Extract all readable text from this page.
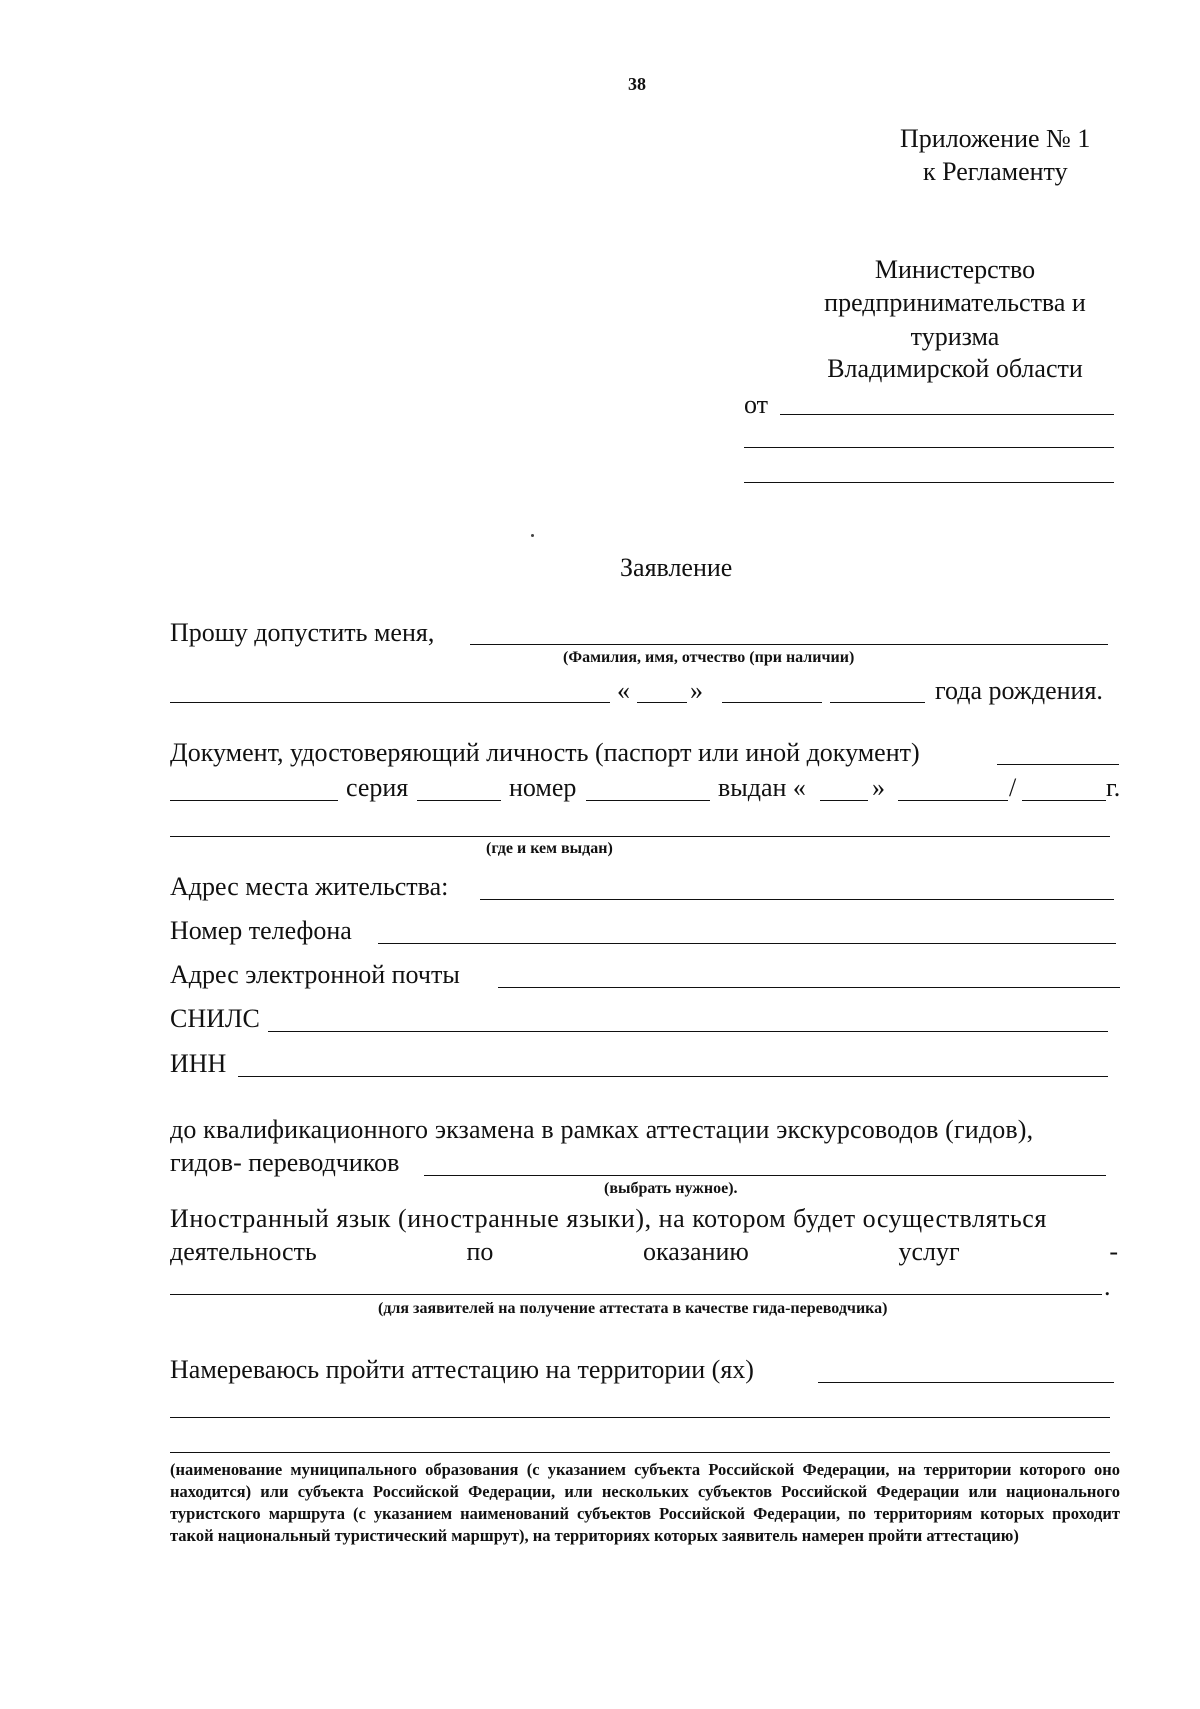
38
Приложение № 1
к Регламенту
Министерство
предпринимательства и
туризма
Владимирской области
от
Заявление
Прошу допустить меня,
(Фамилия, имя, отчество (при наличии)
« »	года рождения.
Документ, удостоверяющий личность (паспорт или иной документ)
серия	номер	выдан «	»	/	г.
(где и кем выдан)
Адрес места жительства:
Номер телефона
Адрес электронной почты
СНИЛС
ИНН
до квалификационного экзамена в рамках аттестации экскурсоводов (гидов),
гидов- переводчиков
(выбрать нужное).
Иностранный язык (иностранные языки), на котором будет осуществляться
деятельность	по	оказанию	услуг	-
.
(для заявителей на получение аттестата в качестве гида-переводчика)
Намереваюсь пройти аттестацию на территории (ях)
(наименование муниципального образования (с указанием субъекта Российской Федерации, на территории которого оно находится) или субъекта Российской Федерации, или нескольких субъектов Российской Федерации или национального туристского маршрута (с указанием наименований субъектов Российской Федерации, по территориям которых проходит такой национальный туристический маршрут), на территориях которых заявитель намерен пройти аттестацию)
